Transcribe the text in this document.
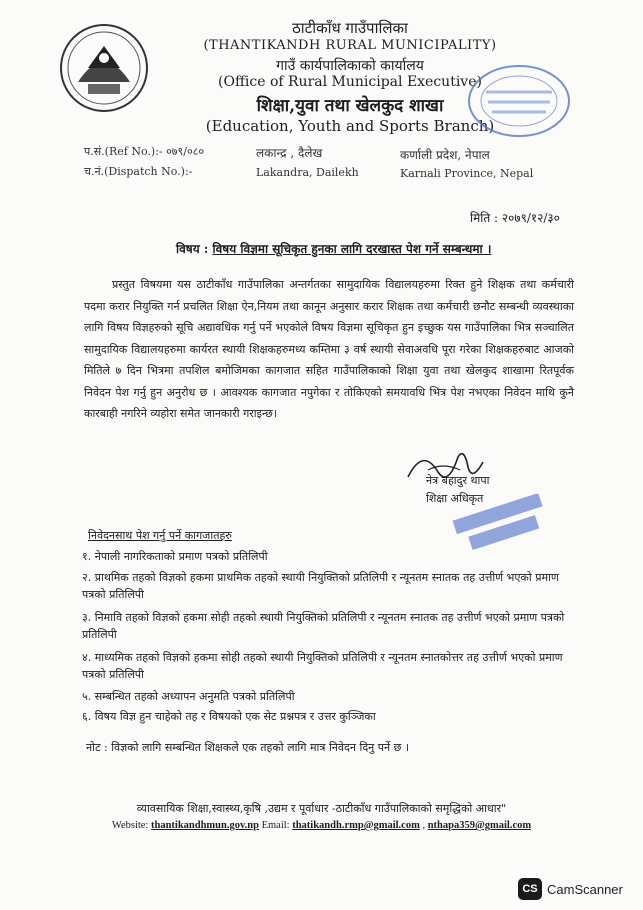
ठाटीकाँध गाउँपालिका
(THANTIKANDH RURAL MUNICIPALITY)
गाउँ कार्यपालिकाको कार्यालय
(Office of Rural Municipal Executive)
शिक्षा,युवा तथा खेलकुद शाखा
(Education, Youth and Sports Branch)
प.सं.(Ref No.):- ०७९/०८०
च.नं.(Dispatch No.):-
लकान्द्र , दैलेख
Lakandra, Dailekh
कर्णाली प्रदेश, नेपाल
Karnali Province, Nepal
मिति : २०७९/१२/३०
विषय : विषय विज्ञमा सूचिकृत हुनका लागि दरखास्त पेश गर्ने सम्बन्धमा ।
प्रस्तुत विषयमा यस ठाटीकाँध गाउँपालिका अन्तर्गतका सामुदायिक विद्यालयहरुमा रिक्त हुने शिक्षक तथा कर्मचारी पदमा करार नियुक्ति गर्न प्रचलित शिक्षा ऐन,नियम तथा कानून अनुसार करार शिक्षक तथा कर्मचारी छनौट सम्बन्धी व्यवस्थाका लागि विषय विज्ञहरुको सूचि अद्यावधिक गर्नु पर्ने भएकोले विषय विज्ञमा सूचिकृत हुन इच्छुक यस गाउँपालिका भित्र सञ्चालित सामुदायिक विद्यालयहरुमा कार्यरत स्थायी शिक्षकहरुमध्य कम्तिमा ३ वर्ष स्थायी सेवाअवधि पूरा गरेका शिक्षकहरुबाट आजको मितिले ७ दिन भित्रमा तपशिल बमोजिमका कागजात सहित गाउँपालिकाको शिक्षा युवा तथा खेलकुद शाखामा रितपूर्वक निवेदन पेश गर्नु हुन अनुरोध छ । आवश्यक कागजात नपुगेका र तोकिएको समयावधि भित्र पेश नभएका निवेदन माथि कुनै कारबाही नगरिने व्यहोरा समेत जानकारी गराइन्छ।
नेत्र बहादुर थापा
शिक्षा अधिकृत
निवेदनसाथ पेश गर्नु पर्ने कागजातहरु
१. नेपाली नागरिकताको प्रमाण पत्रको प्रतिलिपी
२. प्राथमिक तहको विज्ञको हकमा प्राथमिक तहको स्थायी नियुक्तिको प्रतिलिपी र न्यूनतम स्नातक तह उत्तीर्ण भएको प्रमाण पत्रको प्रतिलिपी
३. निमावि तहको विज्ञको हकमा सोही तहको स्थायी नियुक्तिको प्रतिलिपी र न्यूनतम स्नातक तह उत्तीर्ण भएको प्रमाण पत्रको प्रतिलिपी
४. माध्यमिक तहको विज्ञको हकमा सोही तहको स्थायी नियुक्तिको प्रतिलिपी र न्यूनतम स्नातकोत्तर तह उत्तीर्ण भएको प्रमाण पत्रको प्रतिलिपी
५. सम्बन्धित तहको अध्यापन अनुमति पत्रको प्रतिलिपी
६. विषय विज्ञ हुन चाहेको तह र विषयको एक सेट प्रश्नपत्र र उत्तर कुञ्जिका
नोट : विज्ञको लागि सम्बन्धित शिक्षकले एक तहको लागि मात्र निवेदन दिनु पर्ने छ ।
व्यावसायिक शिक्षा,स्वास्थ्य,कृषि ,उद्यम र पूर्वाधार -ठाटीकाँध गाउँपालिकाको समृद्धिको आधार"
Website: thantikandhmun.gov.np Email: thatikandh.rmp@gmail.com , nthapa359@gmail.com
CS CamScanner
